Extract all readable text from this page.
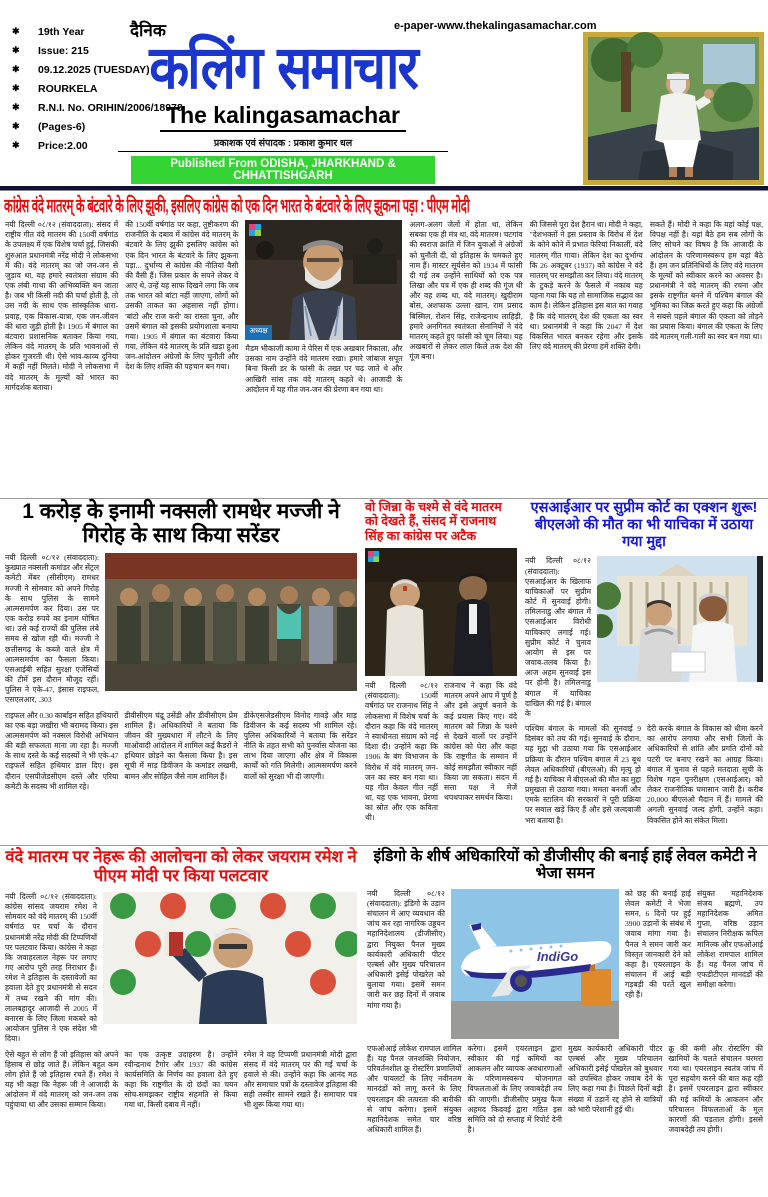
✱	19th Year
✱	Issue: 215
✱	09.12.2025 (TUESDAY)
✱	ROURKELA
✱	R.N.I. No. ORIHIN/2006/18978
✱	(Pages-6)
✱	Price:2.00
e-paper-www.thekalingasamachar.com
दैनिक
कलिंग समाचार
The kalingasamachar
प्रकाशक एवं संपादक : प्रकाश कुमार धल
Published From ODISHA, JHARKHAND & CHHATTISHGARH
कांग्रेस वंदे मातरम् के बंटवारे के लिए झुकी, इसलिए कांग्रेस को एक दिन भारत के बंटवारे के लिए झुकना पड़ा : पीएम मोदी
नयी दिल्ली ०८/१२ (संवाददाता): संसद में राष्ट्रीय गीत वंदे मातरम की 150वीं वर्षगांठ के उपलक्ष्य में एक विशेष चर्चा हुई, जिसकी शुरुआत प्रधानमंत्री नरेंद्र मोदी ने लोकसभा में की। वंदे मातरम् का जो जन-जन से जुड़ाव था, यह हमारे स्वतंत्रता संग्राम की एक लंबी गाथा की अभिव्यक्ति बन जाता है। जब भी किसी नदी की चर्चा होती है, तो उस नदी के साथ एक सांस्कृतिक धारा-प्रवाह, एक विकास-यात्रा, एक जन-जीवन की धारा जुड़ी होती है। 1905 में बंगाल का बंटवारा प्रशासनिक बताकर किया गया, लेकिन वंदे मातरम् के प्रति भावनाओं से होकर गुजरती थी। ऐसे भाव-काव्य दुनिया में कहीं नहीं मिलते। मोदी ने लोकसभा में वंदे मातरम् के मूल्यों को भारत का मार्गदर्शक बताया।
की 150वीं वर्षगांठ पर कहा, तुष्टीकरण की राजनीति के दबाव में कांग्रेस वंदे मातरम् के बंटवारे के लिए झुकी इसलिए कांग्रेस को एक दिन भारत के बंटवारे के लिए झुकना पड़ा... दुर्भाग्य से कांग्रेस की नीतियां वैसी की वैसी हैं। जिस प्रकार के सपने लेकर वे आए थे, उन्हें यह साफ दिखने लगा कि जब तक भारत को बांटा नहीं जाएगा, लोगों को उसकी ताकत का अहसास नहीं होगा। 'बांटो और राज करो' का रास्ता चुना, और उसमें बंगाल को इसकी प्रयोगशाला बनाया गया। 1905 में बंगाल का बंटवारा किया गया, लेकिन वंदे मातरम् के प्रति खड़ा हुआ जन-आंदोलन अंग्रेजों के लिए चुनौती और देश के लिए शक्ति की पहचान बन गया।
अध्यक्ष
मैडम भीकाजी कामा ने पेरिस में एक अखबार निकाला, और उसका नाम उन्होंने वंदे मातरम रखा। हमारे जांबाज सपूत बिना किसी डर के फांसी के तख्त पर चढ़ जाते थे और आखिरी सांस तक वंदे मातरम् कहते थे। आजादी के आंदोलन में यह गीत जन-जन की प्रेरणा बन गया था।
अलग-अलग जेलों में होता था, लेकिन सबका एक ही मंत्र था, वंदे मातरम। चटगांव की स्वराज क्रांति में जिन युवाओं ने अंग्रेजों को चुनौती दी, वो इतिहास के चमकते हुए नाम हैं। मास्टर सूर्यसेन को 1934 में फांसी दी गई तब उन्होंने साथियों को एक पत्र लिखा और पत्र में एक ही शब्द की गूंज थी और वह शब्द था, वंदे मातरम्। खुदीराम बोस, अशफाक उल्ला खान, राम प्रसाद बिस्मिल, रोशन सिंह, राजेन्द्रनाथ लाहिड़ी, हमारे अनगिनत स्वतंत्रता सेनानियों ने वंदे मातरम् कहते हुए फांसी को चूम लिया। यह अखबारों से लेकर लाल किले तक देश की गूंज बना।
की जिससे पूरा देश हैरान था। मोदी ने कहा, "देशभक्तों ने इस प्रस्ताव के विरोध में देश के कोने कोने में प्रभात फेरियां निकालीं, वंदे मातरम् गीत गाया। लेकिन देश का दुर्भाग्य कि 26 अक्टूबर (1937) को कांग्रेस ने वंदे मातरम् पर समझौता कर लिया। वंदे मातरम् के टुकड़े करने के फैसले में नकाब यह पहना गया कि यह तो सामाजिक सद्भाव का काम है। लेकिन इतिहास इस बात का गवाह है कि वंदे मातरम् देश की एकता का स्वर था। प्रधानमंत्री ने कहा कि 2047 में देश विकसित भारत बनकर रहेगा और इसके लिए वंदे मातरम् की प्रेरणा हमें शक्ति देगी।
सकते हैं। मोदी ने कहा कि यहां कोई पक्ष, विपक्ष नहीं है। यहां बैठे हम सब लोगों के लिए सोचने का विषय है कि आजादी के आंदोलन के परिणामस्वरूप हम यहां बैठे हैं। हम जन प्रतिनिधियों के लिए वंदे मातरम के मूल्यों को स्वीकार करने का अवसर है। प्रधानमंत्री ने वंदे मातरम् की रचना और इसके राष्ट्रगीत बनने में पश्चिम बंगाल की भूमिका का जिक्र करते हुए कहा कि अंग्रेजों ने सबसे पहले बंगाल की एकता को तोड़ने का प्रयास किया। बंगाल की एकता के लिए वंदे मातरम् गली-गली का स्वर बन गया था।
1 करोड़ के इनामी नक्सली रामधेर मज्जी ने गिरोह के साथ किया सरेंडर
नयी दिल्ली ०८/१२ (संवाददाता): कुख्यात नक्सली कमांडर और सेंट्रल कमेटी मेंबर (सीसीएम) रामधर मज्जी ने सोमवार को अपने गिरोह के साथ पुलिस के सामने आत्मसमर्पण कर दिया। उस पर एक करोड़ रुपये का इनाम घोषित था। उसे कई राज्यों की पुलिस लंबे समय से खोज रही थी। मज्जी ने छत्तीसगढ़ के कब्जे वाले क्षेत्र में आत्मसमर्पण का फैसला किया। एसआईबी सहित सुरक्षा एजेंसियों की टीमें इस दौरान मौजूद रहीं। पुलिस ने एके-47, इंसास राइफल, एसएलआर, .303
राइफल और 0.30 कार्बाइन सहित हथियारों का एक बड़ा जखीरा भी बरामद किया। इस आत्मसमर्पण को नक्सल विरोधी अभियान की बड़ी सफलता माना जा रहा है। मज्जी के साथ दस्ते के कई सदस्यों ने भी एके-47 राइफलें सहित हथियार डाल दिए। इस दौरान एसपीजेडसीएम दस्ते और एरिया कमेटी के सदस्य भी शामिल रहे।
डीवीसीएम चंद्रू उसेंडी और डीवीसीएम प्रेम शामिल हैं। अधिकारियों ने बताया कि जीवन की मुख्यधारा में लौटने के लिए माओवादी आंदोलन में शामिल कई कैडरों ने हथियार छोड़ने का फैसला किया है। इस सूची में माड़ डिवीजन के कमांडर लखमी, बामन और सोहिल जैसे नाम शामिल हैं।
डीकेएसजेडसीएम विनोद गावड़े और माड़ डिवीजन के कई सदस्य भी शामिल रहे। पुलिस अधिकारियों ने बताया कि सरेंडर नीति के तहत सभी को पुनर्वास योजना का लाभ दिया जाएगा और क्षेत्र में विकास कार्यों को गति मिलेगी। आत्मसमर्पण करने वालों को सुरक्षा भी दी जाएगी।
वो जिन्ना के चश्मे से वंदे मातरम को देखते हैं, संसद में राजनाथ सिंह का कांग्रेस पर अटैक
नयी दिल्ली ०८/१२ (संवाददाता): 150वीं वर्षगांठ पर राजनाथ सिंह ने लोकसभा में विशेष चर्चा के दौरान कहा कि वंदे मातरम् ने स्वाधीनता संग्राम को नई दिशा दी। उन्होंने कहा कि 1906 के बंग विभाजन के विरोध में वंदे मातरम् जन-जन का स्वर बन गया था। यह गीत केवल गीत नहीं था, यह एक भावना, प्रेरणा का स्रोत और एक कविता थी।
राजनाथ ने कहा कि वंदे मातरम अपने आप में पूर्ण है और इसे अपूर्ण बनाने के कई प्रयास किए गए। वंदे मातरम को जिन्ना के चश्मे से देखने वालों पर उन्होंने कांग्रेस को घेरा और कहा कि राष्ट्रगीत के सम्मान में कोई समझौता स्वीकार नहीं किया जा सकता। सदन में सत्ता पक्ष ने मेजें थपथपाकर समर्थन किया।
एसआईआर पर सुप्रीम कोर्ट का एक्शन शुरू! बीएलओ की मौत का भी याचिका में उठाया गया मुद्दा
नयी दिल्ली ०८/१२ (संवाददाता): एसआईआर के खिलाफ याचिकाओं पर सुप्रीम कोर्ट में सुनवाई होगी। तमिलनाडु और बंगाल में एसआईआर विरोधी याचिकाएं लगाई गई। सुप्रीम कोर्ट ने चुनाव आयोग से इस पर जवाब-तलब किया है। आज अहम सुनवाई इस पर होनी है। तमिलनाडु बंगाल में याचिका दाखिल की गई है। बंगाल के
पश्चिम बंगाल के मामलों की सुनवाई 9 दिसंबर को तय की गई। सुनवाई के दौरान, यह मुद्दा भी उठाया गया कि एसआईआर प्रक्रिया के दौरान पश्चिम बंगाल में 23 बूथ लेवल अधिकारियों (बीएलओ) की मृत्यु हो गई है। याचिका में बीएलओ की मौत का मुद्दा प्रमुखता से उठाया गया। ममता बनर्जी और एमके स्टालिन की सरकारों ने पूरी प्रक्रिया पर सवाल खड़े किए हैं और इसे जल्दबाजी भरा बताया है।
देरी करके बंगाल के विकास को धीमा करने का आरोप लगाया और सभी जिलों के अधिकारियों से शांति और प्रगति दोनों को पटरी पर बनाए रखने का आग्रह किया। बंगाल में चुनाव से पहले मतदाता सूची के विशेष गहन पुनरीक्षण (एसआईआर) को लेकर राजनीतिक घमासान जारी है। करीब 20,000 बीएलओ मैदान में हैं। मामले की अगली सुनवाई जल्द होगी, उन्होंने कहा। विकसित होने का संकेत मिला।
वंदे मातरम पर नेहरू की आलोचना को लेकर जयराम रमेश ने पीएम मोदी पर किया पलटवार
नयी दिल्ली ०८/१२ (संवाददाता): कांग्रेस सांसद जयराम रमेश ने सोमवार को वंदे मातरम् की 150वीं वर्षगांठ पर चर्चा के दौरान प्रधानमंत्री नरेंद्र मोदी की टिप्पणियों पर पलटवार किया। कांग्रेस ने कहा कि जवाहरलाल नेहरू पर लगाए गए आरोप पूरी तरह निराधार हैं। रमेश ने इतिहास के दस्तावेजों का हवाला देते हुए प्रधानमंत्री से सदन में तथ्य रखने की मांग की। लालबहादुर आजादी से 2005 में बनारस के लिए जिला मकबरे को आयोजन पुलिस ने एक संदेश भी दिया।
ऐसे बहुत से लोग हैं जो इतिहास को अपने हिसाब से छोड़ जाते हैं। लेकिन बहुत कम लोग होते हैं जो इतिहास रचते हैं। रमेश ने यह भी कहा कि नेहरू जी ने आजादी के आंदोलन में वंदे मातरम् को जन-जन तक पहुंचाया था और उसका सम्मान किया।
का एक उत्कृष्ट उदाहरण है। उन्होंने रवीन्द्रनाथ टैगोर और 1937 की कांग्रेस कार्यसमिति के निर्णय का हवाला देते हुए कहा कि राष्ट्रगीत के दो छंदों का चयन सोच-समझकर राष्ट्रीय सहमति से किया गया था, किसी दबाव में नहीं।
रमेश ने वह टिप्पणी प्रधानमंत्री मोदी द्वारा संसद में वंदे मातरम् पर की गई चर्चा के हवाले से की। उन्होंने कहा कि आनंद मठ और समाचार पत्रों के दस्तावेज इतिहास की सही तस्वीर सामने रखते हैं। समाचार पत्र भी शुरू किया गया था।
इंडिगो के शीर्ष अधिकारियों को डीजीसीए की बनाई हाई लेवल कमेटी ने भेजा समन
नयी दिल्ली ०८/१२ (संवाददाता): इंडिगो के उड़ान संचालन में आए व्यवधान की जांच कर रहा नागरिक उड्डयन महानिदेशालय (डीजीसीए) द्वारा नियुक्त पैनल मुख्य कार्यकारी अधिकारी पीटर एल्बर्स और मुख्य परिचालन अधिकारी इसेई पोखरेल को बुलाया गया। इसमें समन जारी कर छह दिनों में जवाब मांगा गया है।
IndiGo
को छह की बनाई हाई लेवल कमेटी ने भेजा समन, 6 दिनों पर हुई 3900 उड़ानों के संबंध में जवाब मांगा गया है। पैनल ने समन जारी कर विस्तृत जानकारी देने को कहा है। एयरलाइन के संचालन में आई बड़ी गड़बड़ी की परतें खुल रही हैं।
संयुक्त महानिदेशक संजय ब्रह्मणे, उप महानिदेशक अमित गुप्ता, वरिष्ठ उड़ान संचालन निरीक्षक कपिल मानिल्क और एफओआई लोकेश रामपाल शामिल हैं। यह पैनल जांच में एफडीटीएल मानदंडों की समीक्षा करेगा।
एफओआई लोकेश रामपाल शामिल हैं। यह पैनल जनशक्ति नियोजन, परिवर्तनशील क्रू रोस्टरिंग प्रणालियों और पायलटों के लिए नवीनतम मानदंडों को लागू करने के लिए एयरलाइन की तत्परता की बारीकी से जांच करेगा। इसमें संयुक्त महानिदेशक समेत चार वरिष्ठ अधिकारी शामिल हैं।
करेगा। इसमें एयरलाइन द्वारा स्वीकार की गई कमियों का आकलन और व्यापक अवधारणाओं के परिणामस्वरूप योजनागत विफलताओं के लिए जवाबदेही तय की जाएगी। डीजीसीए प्रमुख फैज अहमद किदवई द्वारा गठित इस समिति को दो सप्ताह में रिपोर्ट देनी है।
मुख्य कार्यकारी अधिकारी पीटर एल्बर्स और मुख्य परिचालन अधिकारी इसेई पोखरेल को बुधवार को उपस्थित होकर जवाब देने के लिए कहा गया है। पिछले दिनों बड़ी संख्या में उड़ानें रद्द होने से यात्रियों को भारी परेशानी हुई थी।
क्रू की कमी और रोस्टरिंग की खामियों के चलते संचालन चरमरा गया था। एयरलाइन स्वतंत्र जांच में पूरा सहयोग करने की बात कह रही है। इसमें एयरलाइन द्वारा स्वीकार की गई कमियों के आकलन और परिचालन विफलताओं के मूल कारणों की पड़ताल होगी। इससे जवाबदेही तय होगी।
